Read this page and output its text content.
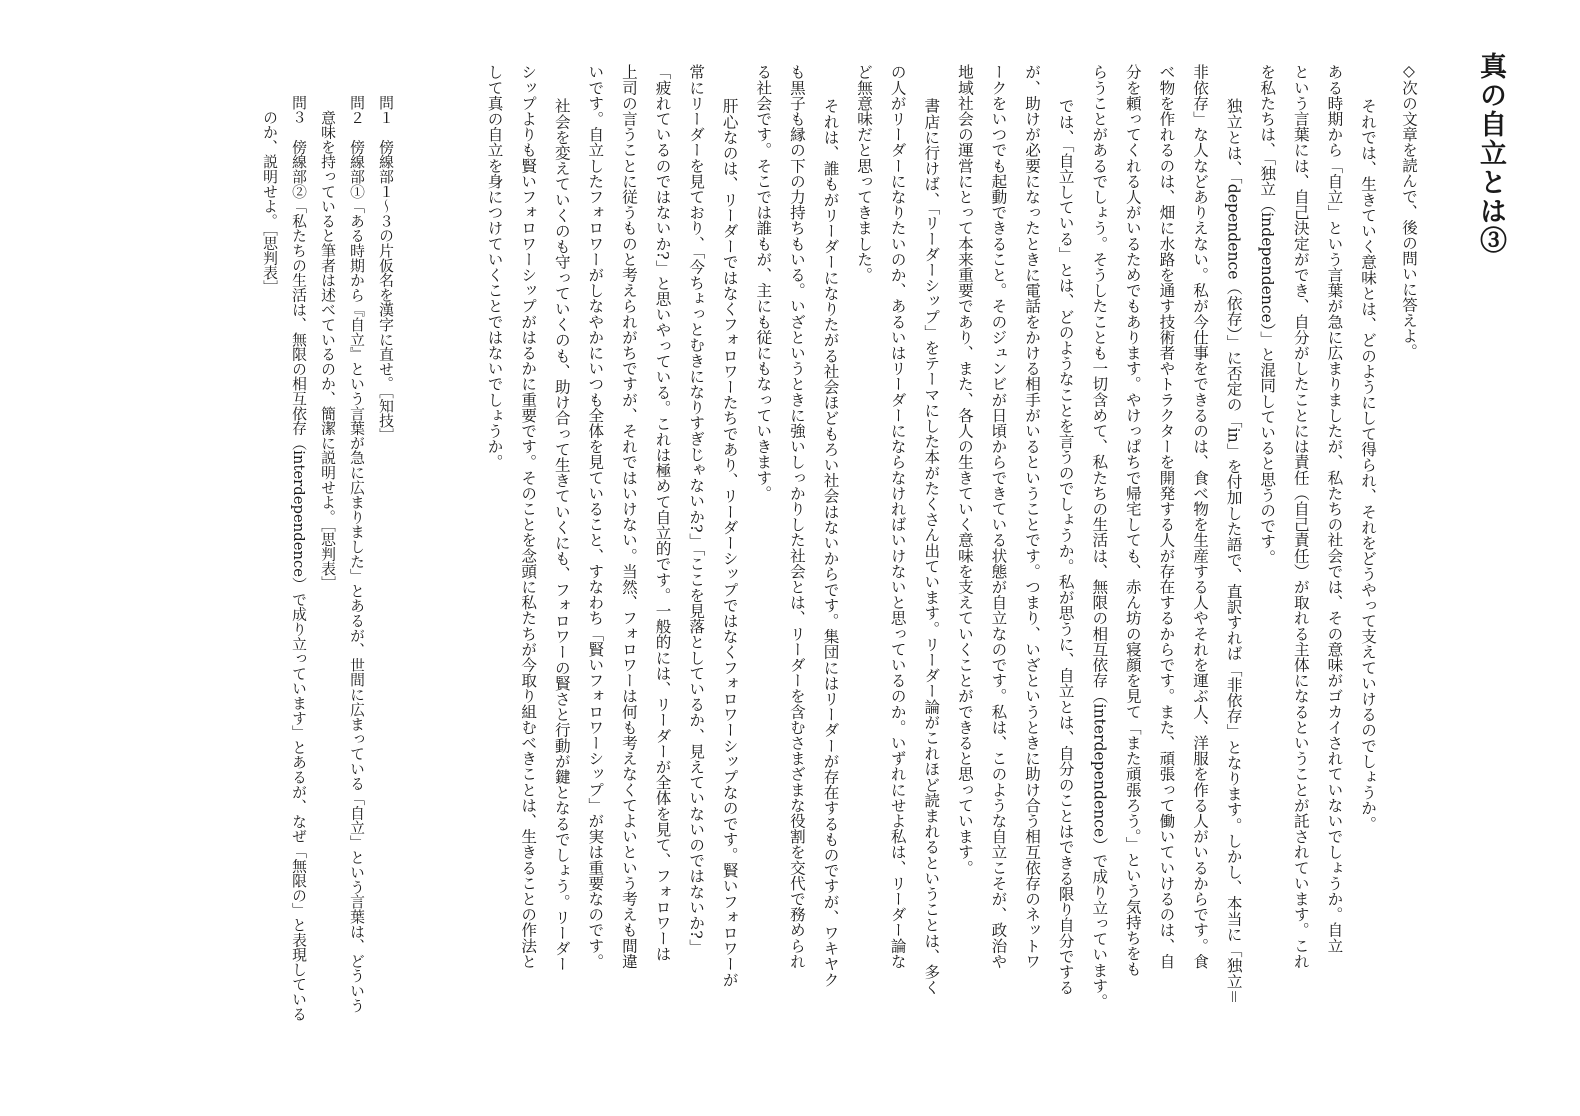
真の自立とは③
◇次の文章を読んで、後の問いに答えよ。
それでは、生きていく意味とは、どのようにして得られ、それをどうやって支えていけるのでしょうか。
ある時期から「自立」という言葉が急に広まりましたが、私たちの社会では、その意味がゴカイされていないでしょうか。自立
という言葉には、自己決定ができ、自分がしたことには責任（自己責任）が取れる主体になるということが託されています。これ
を私たちは、「独立（independence）」と混同していると思うのです。
独立とは、「dependence（依存）」に否定の「in」を付加した語で、直訳すれば「非依存」となります。しかし、本当に「独立＝
非依存」な人などありえない。私が今仕事をできるのは、食べ物を生産する人やそれを運ぶ人、洋服を作る人がいるからです。食
べ物を作れるのは、畑に水路を通す技術者やトラクターを開発する人が存在するからです。また、頑張って働いていけるのは、自
分を頼ってくれる人がいるためでもあります。やけっぱちで帰宅しても、赤ん坊の寝顔を見て「また頑張ろう。」という気持ちをも
らうことがあるでしょう。そうしたことも一切含めて、私たちの生活は、無限の相互依存（interdependence）で成り立っています。
では、「自立している」とは、どのようなことを言うのでしょうか。私が思うに、自立とは、自分のことはできる限り自分でする
が、助けが必要になったときに電話をかける相手がいるということです。つまり、いざというときに助け合う相互依存のネットワ
ークをいつでも起動できること。そのジュンビが日頃からできている状態が自立なのです。私は、このような自立こそが、政治や
地域社会の運営にとって本来重要であり、また、各人の生きていく意味を支えていくことができると思っています。
書店に行けば、「リーダーシップ」をテーマにした本がたくさん出ています。リーダー論がこれほど読まれるということは、多く
の人がリーダーになりたいのか、あるいはリーダーにならなければいけないと思っているのか。いずれにせよ私は、リーダー論な
ど無意味だと思ってきました。
それは、誰もがリーダーになりたがる社会ほどもろい社会はないからです。集団にはリーダーが存在するものですが、ワキヤク
も黒子も縁の下の力持ちもいる。いざというときに強いしっかりした社会とは、リーダーを含むさまざまな役割を交代で務められ
る社会です。そこでは誰もが、主にも従にもなっていきます。
肝心なのは、リーダーではなくフォロワーたちであり、リーダーシップではなくフォロワーシップなのです。賢いフォロワーが
常にリーダーを見ており、「今ちょっとむきになりすぎじゃないか?」「ここを見落としているか、見えていないのではないか?」
「疲れているのではないか?」と思いやっている。これは極めて自立的です。一般的には、リーダーが全体を見て、フォロワーは
上司の言うことに従うものと考えられがちですが、それではいけない。当然、フォロワーは何も考えなくてよいという考えも間違
いです。自立したフォロワーがしなやかにいつも全体を見ていること、すなわち「賢いフォロワーシップ」が実は重要なのです。
社会を変えていくのも守っていくのも、助け合って生きていくにも、フォロワーの賢さと行動が鍵となるでしょう。リーダー
シップよりも賢いフォロワーシップがはるかに重要です。そのことを念頭に私たちが今取り組むべきことは、生きることの作法と
して真の自立を身につけていくことではないでしょうか。
問１　傍線部１～３の片仮名を漢字に直せ。［知技］
問２　傍線部①「ある時期から『自立』という言葉が急に広まりました」とあるが、世間に広まっている「自立」という言葉は、どういう
　意味を持っていると筆者は述べているのか、簡潔に説明せよ。［思判表］
問３　傍線部②「私たちの生活は、無限の相互依存（interdependence）で成り立っています」とあるが、なぜ「無限の」と表現している
　のか、説明せよ。［思判表］
